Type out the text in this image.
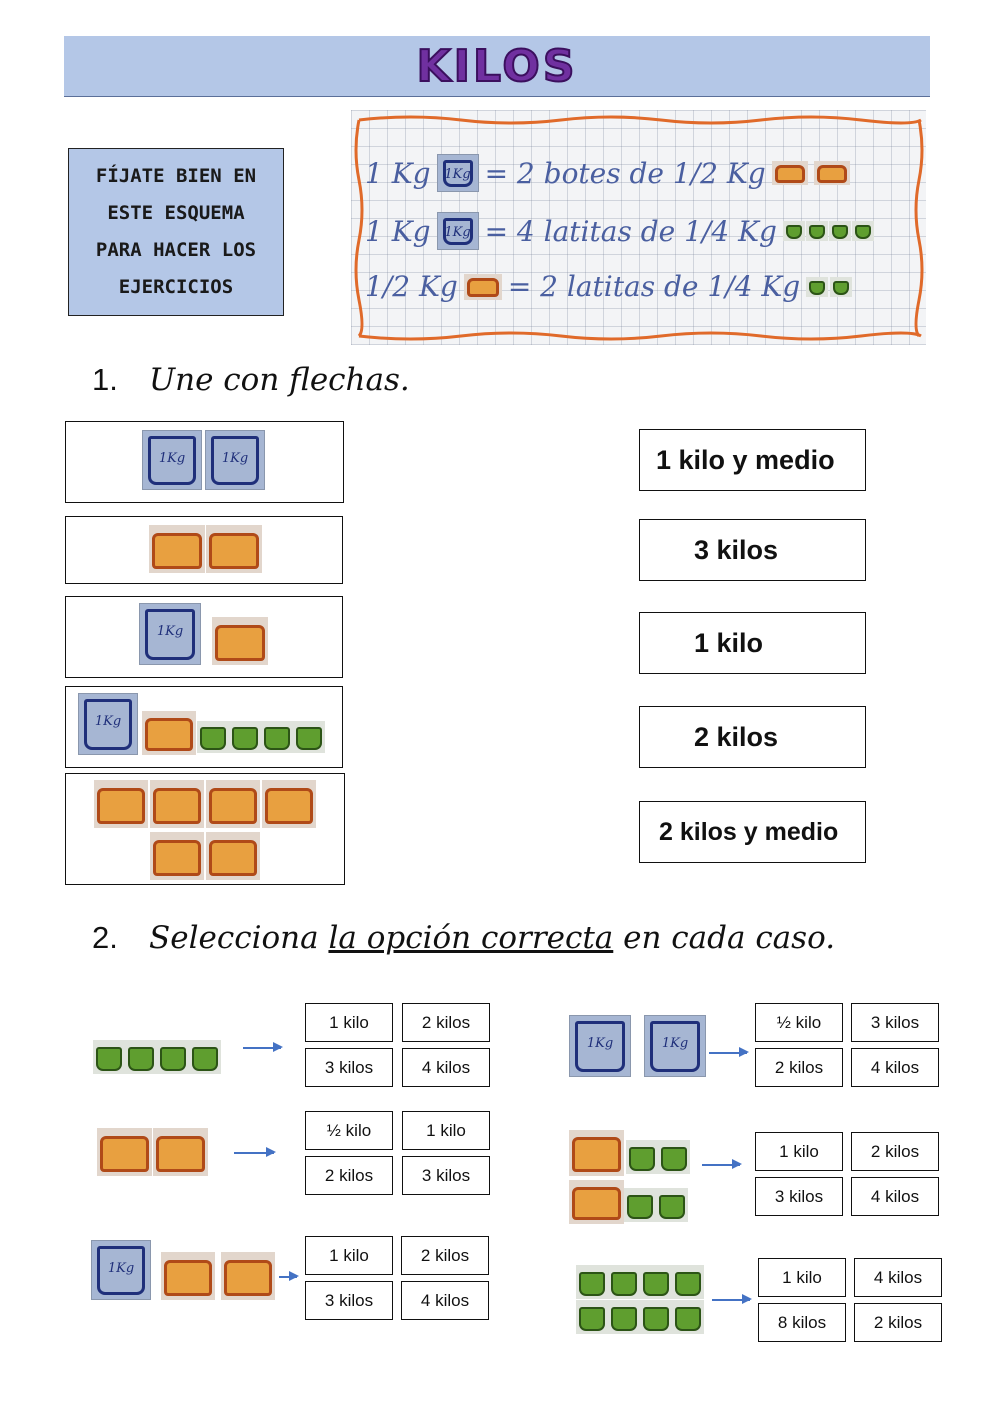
KILOS
FÍJATE BIEN EN
ESTE ESQUEMA
PARA HACER LOS
EJERCICIOS
1 Kg 1Kg = 2 botes de 1/2 Kg
1 Kg 1Kg = 4 latitas de 1/4 Kg
1/2 Kg = 2 latitas de 1/4 Kg
1. Une con flechas.
1Kg
1Kg
1Kg
1Kg
1 kilo y medio
3 kilos
1 kilo
2 kilos
2 kilos y medio
2. Selecciona la opción correcta en cada caso.
1 kilo	2 kilos
3 kilos	4 kilos
½ kilo	1 kilo
2 kilos	3 kilos
1Kg
1 kilo	2 kilos
3 kilos	4 kilos
1Kg
1Kg
½ kilo	3 kilos
2 kilos	4 kilos
1 kilo	2 kilos
3 kilos	4 kilos
1 kilo	4 kilos
8 kilos	2 kilos
